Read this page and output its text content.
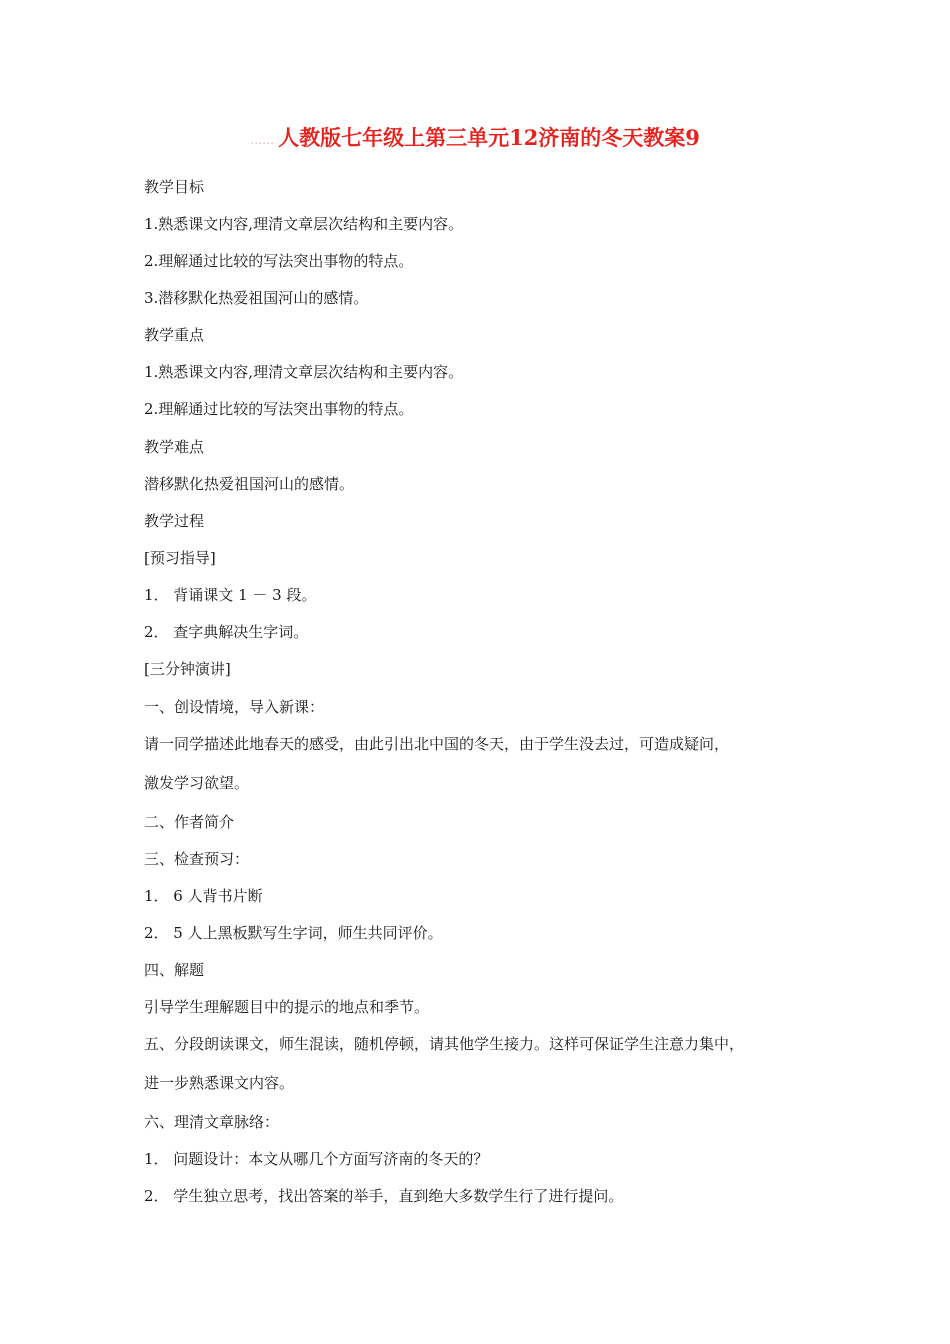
…… 人教版七年级上第三单元12济南的冬天教案9
教学目标
1.熟悉课文内容,理清文章层次结构和主要内容。
2.理解通过比较的写法突出事物的特点。
3.潜移默化热爱祖国河山的感情。
教学重点
1.熟悉课文内容,理清文章层次结构和主要内容。
2.理解通过比较的写法突出事物的特点。
教学难点
潜移默化热爱祖国河山的感情。
教学过程
[预习指导]
1． 背诵课文 1 － 3 段。
2． 查字典解决生字词。
[三分钟演讲]
一、创设情境，导入新课：
请一同学描述此地春天的感受，由此引出北中国的冬天，由于学生没去过，可造成疑问，
激发学习欲望。
二、作者简介
三、检查预习：
1． 6 人背书片断
2． 5 人上黑板默写生字词，师生共同评价。
四、解题
引导学生理解题目中的提示的地点和季节。
五、分段朗读课文，师生混读，随机停顿，请其他学生接力。这样可保证学生注意力集中，
进一步熟悉课文内容。
六、理清文章脉络：
1． 问题设计：本文从哪几个方面写济南的冬天的？
2． 学生独立思考，找出答案的举手，直到绝大多数学生行了进行提问。
